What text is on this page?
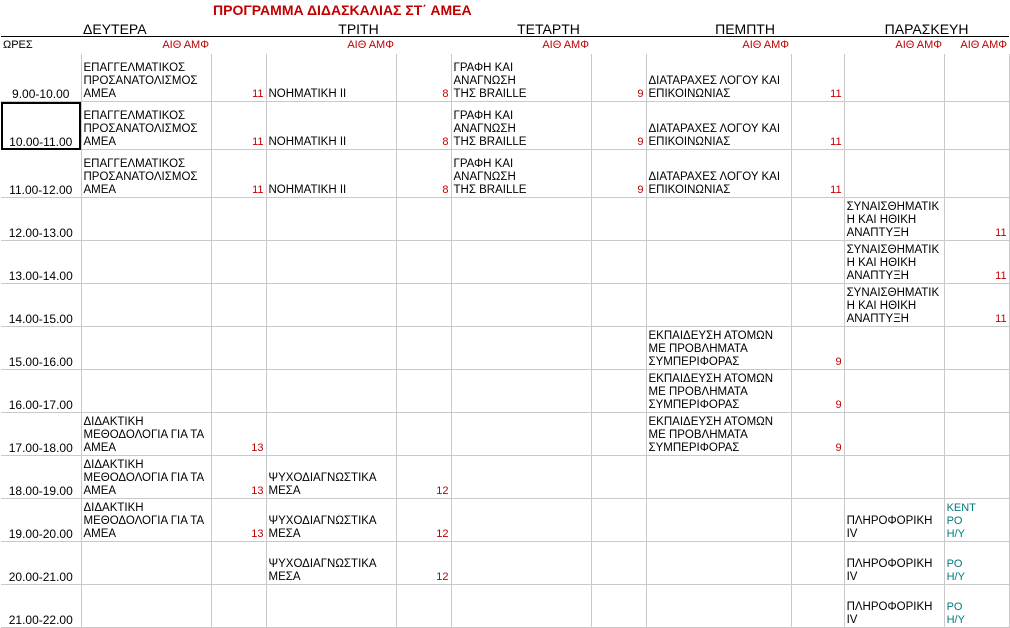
		ΠΡΟΓΡΑΜΜΑ ΔΙΔΑΣΚΑΛΙΑΣ ΣΤ΄ ΑΜΕΑ								
	ΔΕΥΤΕΡΑ		ΤΡΙΤΗ		ΤΕΤΑΡΤΗ		ΠΕΜΠΤΗ		ΠΑΡΑΣΚΕΥΗ	
ΩΡΕΣ	ΑΙΘ ΑΜΦ		ΑΙΘ ΑΜΦ		ΑΙΘ ΑΜΦ		ΑΙΘ ΑΜΦ		ΑΙΘ ΑΜΦ	ΑΙΘ ΑΜΦ
9.00-10.00	ΕΠΑΓΓΕΛΜΑΤΙΚΟΣ
ΠΡΟΣΑΝΑΤΟΛΙΣΜΟΣ
ΑΜΕΑ	11	ΝΟΗΜΑΤΙΚΗ ΙΙ	8	ΓΡΑΦΗ ΚΑΙ
ΑΝΑΓΝΩΣΗ
ΤΗΣ BRAILLE	9	ΔΙΑΤΑΡΑΧΕΣ ΛΟΓΟΥ ΚΑΙ
ΕΠΙΚΟΙΝΩΝΙΑΣ	11		
10.00-11.00	ΕΠΑΓΓΕΛΜΑΤΙΚΟΣ
ΠΡΟΣΑΝΑΤΟΛΙΣΜΟΣ
ΑΜΕΑ	11	ΝΟΗΜΑΤΙΚΗ ΙΙ	8	ΓΡΑΦΗ ΚΑΙ
ΑΝΑΓΝΩΣΗ
ΤΗΣ BRAILLE	9	ΔΙΑΤΑΡΑΧΕΣ ΛΟΓΟΥ ΚΑΙ
ΕΠΙΚΟΙΝΩΝΙΑΣ	11		
11.00-12.00	ΕΠΑΓΓΕΛΜΑΤΙΚΟΣ
ΠΡΟΣΑΝΑΤΟΛΙΣΜΟΣ
ΑΜΕΑ	11	ΝΟΗΜΑΤΙΚΗ ΙΙ	8	ΓΡΑΦΗ ΚΑΙ
ΑΝΑΓΝΩΣΗ
ΤΗΣ BRAILLE	9	ΔΙΑΤΑΡΑΧΕΣ ΛΟΓΟΥ ΚΑΙ
ΕΠΙΚΟΙΝΩΝΙΑΣ	11		
12.00-13.00									ΣΥΝΑΙΣΘΗΜΑΤΙΚ
Η ΚΑΙ ΗΘΙΚΗ
ΑΝΑΠΤΥΞΗ	11
13.00-14.00									ΣΥΝΑΙΣΘΗΜΑΤΙΚ
Η ΚΑΙ ΗΘΙΚΗ
ΑΝΑΠΤΥΞΗ	11
14.00-15.00									ΣΥΝΑΙΣΘΗΜΑΤΙΚ
Η ΚΑΙ ΗΘΙΚΗ
ΑΝΑΠΤΥΞΗ	11
15.00-16.00							ΕΚΠΑΙΔΕΥΣΗ ΑΤΟΜΩΝ
ΜΕ ΠΡΟΒΛΗΜΑΤΑ
ΣΥΜΠΕΡΙΦΟΡΑΣ	9		
16.00-17.00							ΕΚΠΑΙΔΕΥΣΗ ΑΤΟΜΩΝ
ΜΕ ΠΡΟΒΛΗΜΑΤΑ
ΣΥΜΠΕΡΙΦΟΡΑΣ	9		
17.00-18.00	ΔΙΔΑΚΤΙΚΗ
ΜΕΘΟΔΟΛΟΓΙΑ ΓΙΑ ΤΑ
ΑΜΕΑ	13					ΕΚΠΑΙΔΕΥΣΗ ΑΤΟΜΩΝ
ΜΕ ΠΡΟΒΛΗΜΑΤΑ
ΣΥΜΠΕΡΙΦΟΡΑΣ	9		
18.00-19.00	ΔΙΔΑΚΤΙΚΗ
ΜΕΘΟΔΟΛΟΓΙΑ ΓΙΑ ΤΑ
ΑΜΕΑ	13	ΨΥΧΟΔΙΑΓΝΩΣΤΙΚΑ
ΜΕΣΑ	12						
19.00-20.00	ΔΙΔΑΚΤΙΚΗ
ΜΕΘΟΔΟΛΟΓΙΑ ΓΙΑ ΤΑ
ΑΜΕΑ	13	ΨΥΧΟΔΙΑΓΝΩΣΤΙΚΑ
ΜΕΣΑ	12					ΠΛΗΡΟΦΟΡΙΚΗ
ΙV	ΚΕΝΤ
ΡΟ
Η/Υ
20.00-21.00			ΨΥΧΟΔΙΑΓΝΩΣΤΙΚΑ
ΜΕΣΑ	12					ΠΛΗΡΟΦΟΡΙΚΗ
ΙV	ΡΟ
Η/Υ
21.00-22.00									ΠΛΗΡΟΦΟΡΙΚΗ
ΙV	ΡΟ
Η/Υ
